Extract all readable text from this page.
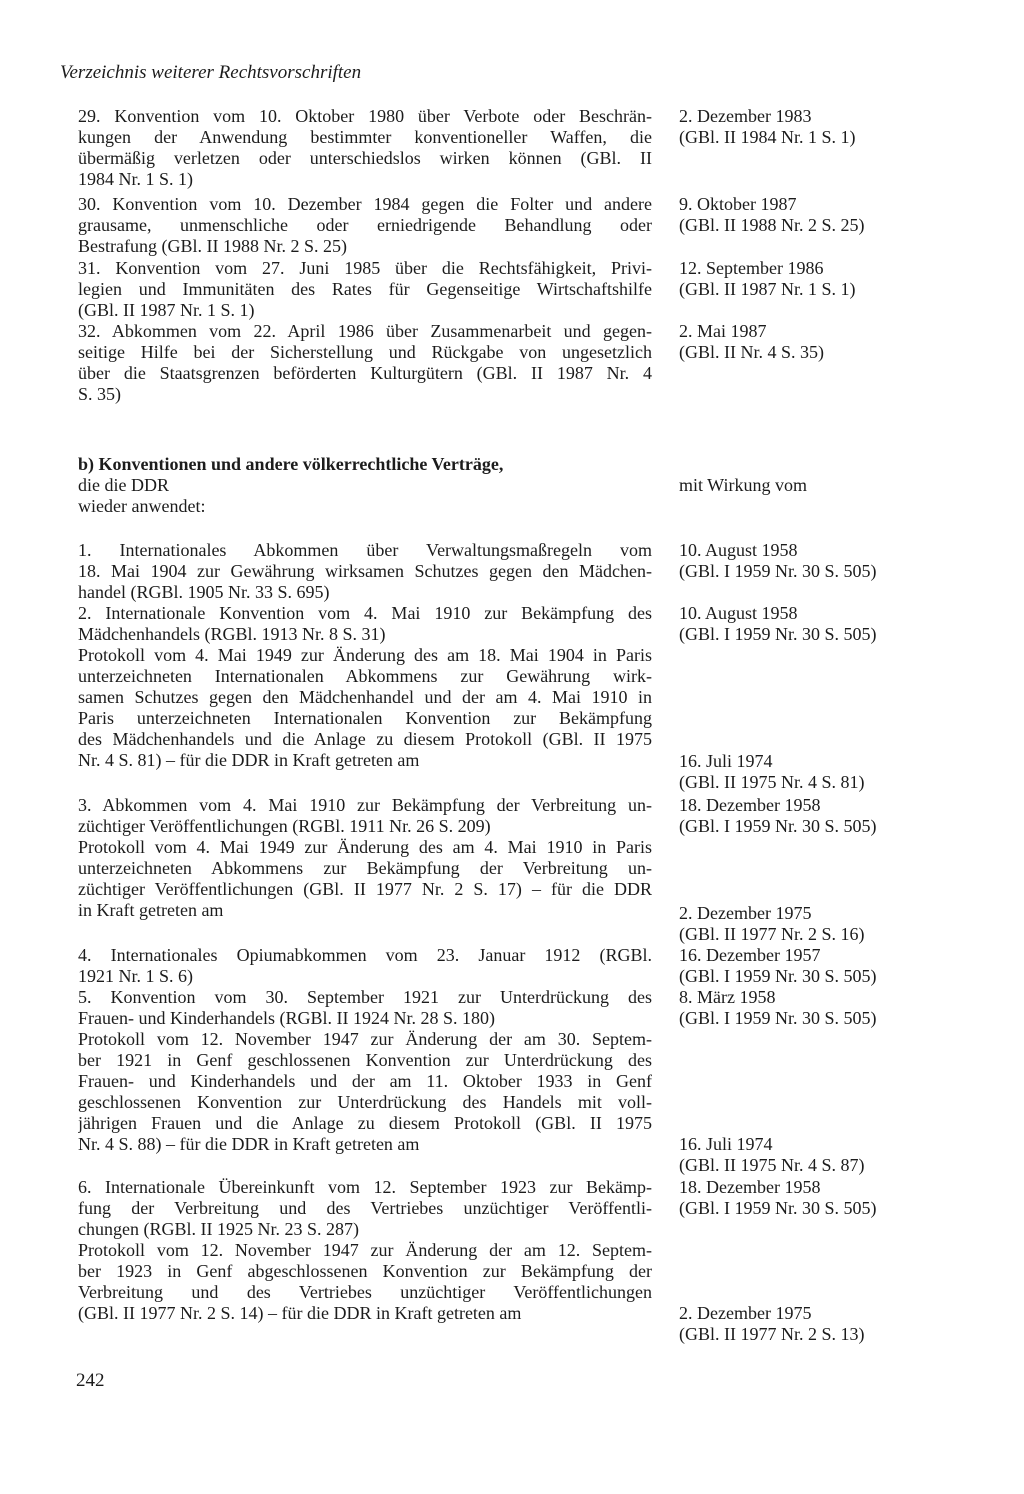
Verzeichnis weiterer Rechtsvorschriften
29. Konvention vom 10. Oktober 1980 über Verbote oder Beschrän-
kungen der Anwendung bestimmter konventioneller Waffen, die
übermäßig verletzen oder unterschiedslos wirken können (GBl. II
1984 Nr. 1 S. 1)
2. Dezember 1983
(GBl. II 1984 Nr. 1 S. 1)
30. Konvention vom 10. Dezember 1984 gegen die Folter und andere
grausame, unmenschliche oder erniedrigende Behandlung oder
Bestrafung (GBl. II 1988 Nr. 2 S. 25)
9. Oktober 1987
(GBl. II 1988 Nr. 2 S. 25)
31. Konvention vom 27. Juni 1985 über die Rechtsfähigkeit, Privi-
legien und Immunitäten des Rates für Gegenseitige Wirtschaftshilfe
(GBl. II 1987 Nr. 1 S. 1)
12. September 1986
(GBl. II 1987 Nr. 1 S. 1)
32. Abkommen vom 22. April 1986 über Zusammenarbeit und gegen-
seitige Hilfe bei der Sicherstellung und Rückgabe von ungesetzlich
über die Staatsgrenzen beförderten Kulturgütern (GBl. II 1987 Nr. 4
S. 35)
2. Mai 1987
(GBl. II Nr. 4 S. 35)
b) Konventionen und andere völkerrechtliche Verträge,
die die DDR
wieder anwendet:
mit Wirkung vom
1. Internationales Abkommen über Verwaltungsmaßregeln vom
18. Mai 1904 zur Gewährung wirksamen Schutzes gegen den Mädchen-
handel (RGBl. 1905 Nr. 33 S. 695)
10. August 1958
(GBl. I 1959 Nr. 30 S. 505)
2. Internationale Konvention vom 4. Mai 1910 zur Bekämpfung des
Mädchenhandels (RGBl. 1913 Nr. 8 S. 31)
Protokoll vom 4. Mai 1949 zur Änderung des am 18. Mai 1904 in Paris
unterzeichneten Internationalen Abkommens zur Gewährung wirk-
samen Schutzes gegen den Mädchenhandel und der am 4. Mai 1910 in
Paris unterzeichneten Internationalen Konvention zur Bekämpfung
des Mädchenhandels und die Anlage zu diesem Protokoll (GBl. II 1975
Nr. 4 S. 81) – für die DDR in Kraft getreten am
10. August 1958
(GBl. I 1959 Nr. 30 S. 505)
16. Juli 1974
(GBl. II 1975 Nr. 4 S. 81)
3. Abkommen vom 4. Mai 1910 zur Bekämpfung der Verbreitung un-
züchtiger Veröffentlichungen (RGBl. 1911 Nr. 26 S. 209)
Protokoll vom 4. Mai 1949 zur Änderung des am 4. Mai 1910 in Paris
unterzeichneten Abkommens zur Bekämpfung der Verbreitung un-
züchtiger Veröffentlichungen (GBl. II 1977 Nr. 2 S. 17) – für die DDR
in Kraft getreten am
18. Dezember 1958
(GBl. I 1959 Nr. 30 S. 505)
2. Dezember 1975
(GBl. II 1977 Nr. 2 S. 16)
4. Internationales Opiumabkommen vom 23. Januar 1912 (RGBl.
1921 Nr. 1 S. 6)
16. Dezember 1957
(GBl. I 1959 Nr. 30 S. 505)
5. Konvention vom 30. September 1921 zur Unterdrückung des
Frauen- und Kinderhandels (RGBl. II 1924 Nr. 28 S. 180)
Protokoll vom 12. November 1947 zur Änderung der am 30. Septem-
ber 1921 in Genf geschlossenen Konvention zur Unterdrückung des
Frauen- und Kinderhandels und der am 11. Oktober 1933 in Genf
geschlossenen Konvention zur Unterdrückung des Handels mit voll-
jährigen Frauen und die Anlage zu diesem Protokoll (GBl. II 1975
Nr. 4 S. 88) – für die DDR in Kraft getreten am
8. März 1958
(GBl. I 1959 Nr. 30 S. 505)
16. Juli 1974
(GBl. II 1975 Nr. 4 S. 87)
6. Internationale Übereinkunft vom 12. September 1923 zur Bekämp-
fung der Verbreitung und des Vertriebes unzüchtiger Veröffentli-
chungen (RGBl. II 1925 Nr. 23 S. 287)
Protokoll vom 12. November 1947 zur Änderung der am 12. Septem-
ber 1923 in Genf abgeschlossenen Konvention zur Bekämpfung der
Verbreitung und des Vertriebes unzüchtiger Veröffentlichungen
(GBl. II 1977 Nr. 2 S. 14) – für die DDR in Kraft getreten am
18. Dezember 1958
(GBl. I 1959 Nr. 30 S. 505)
2. Dezember 1975
(GBl. II 1977 Nr. 2 S. 13)
242
